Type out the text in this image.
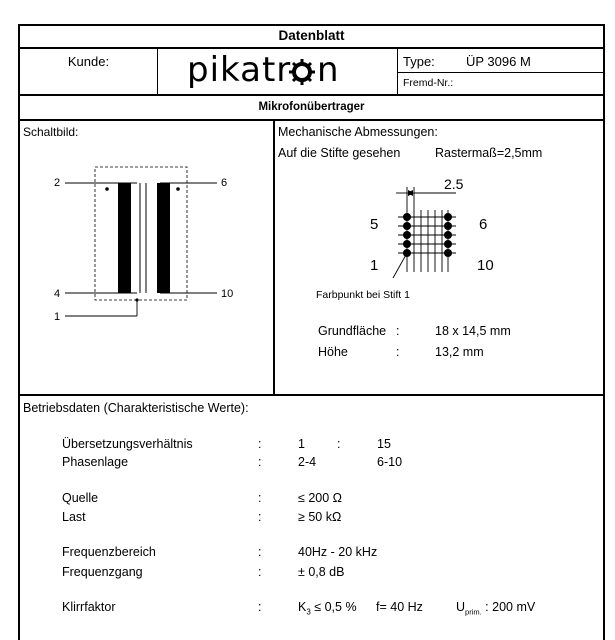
Datenblatt
Kunde:	pikatr n	Type: ÜP 3096 M
Fremd-Nr.:
Mikrofonübertrager
Schaltbild:
2
4
1
6
10
Mechanische Abmessungen:
Auf die Stifte gesehen	Rastermaß=2,5mm
2.5
5	6
1	10
Farbpunkt bei Stift 1
Grundfläche :	18 x 14,5 mm
Höhe	:	13,2 mm
Betriebsdaten (Charakteristische Werte):
Übersetzungsverhältnis	:	1	:	15
Phasenlage	:	2-4	6-10
Quelle	:	≤ 200 Ω
Last	:	≥ 50 kΩ
Frequenzbereich	:	40Hz - 20 kHz
Frequenzgang	:	± 0,8 dB
Klirrfaktor	:	$K_3 \le 0,5$ % f= 40 Hz	$U_{prim.}$ : 200 mV
